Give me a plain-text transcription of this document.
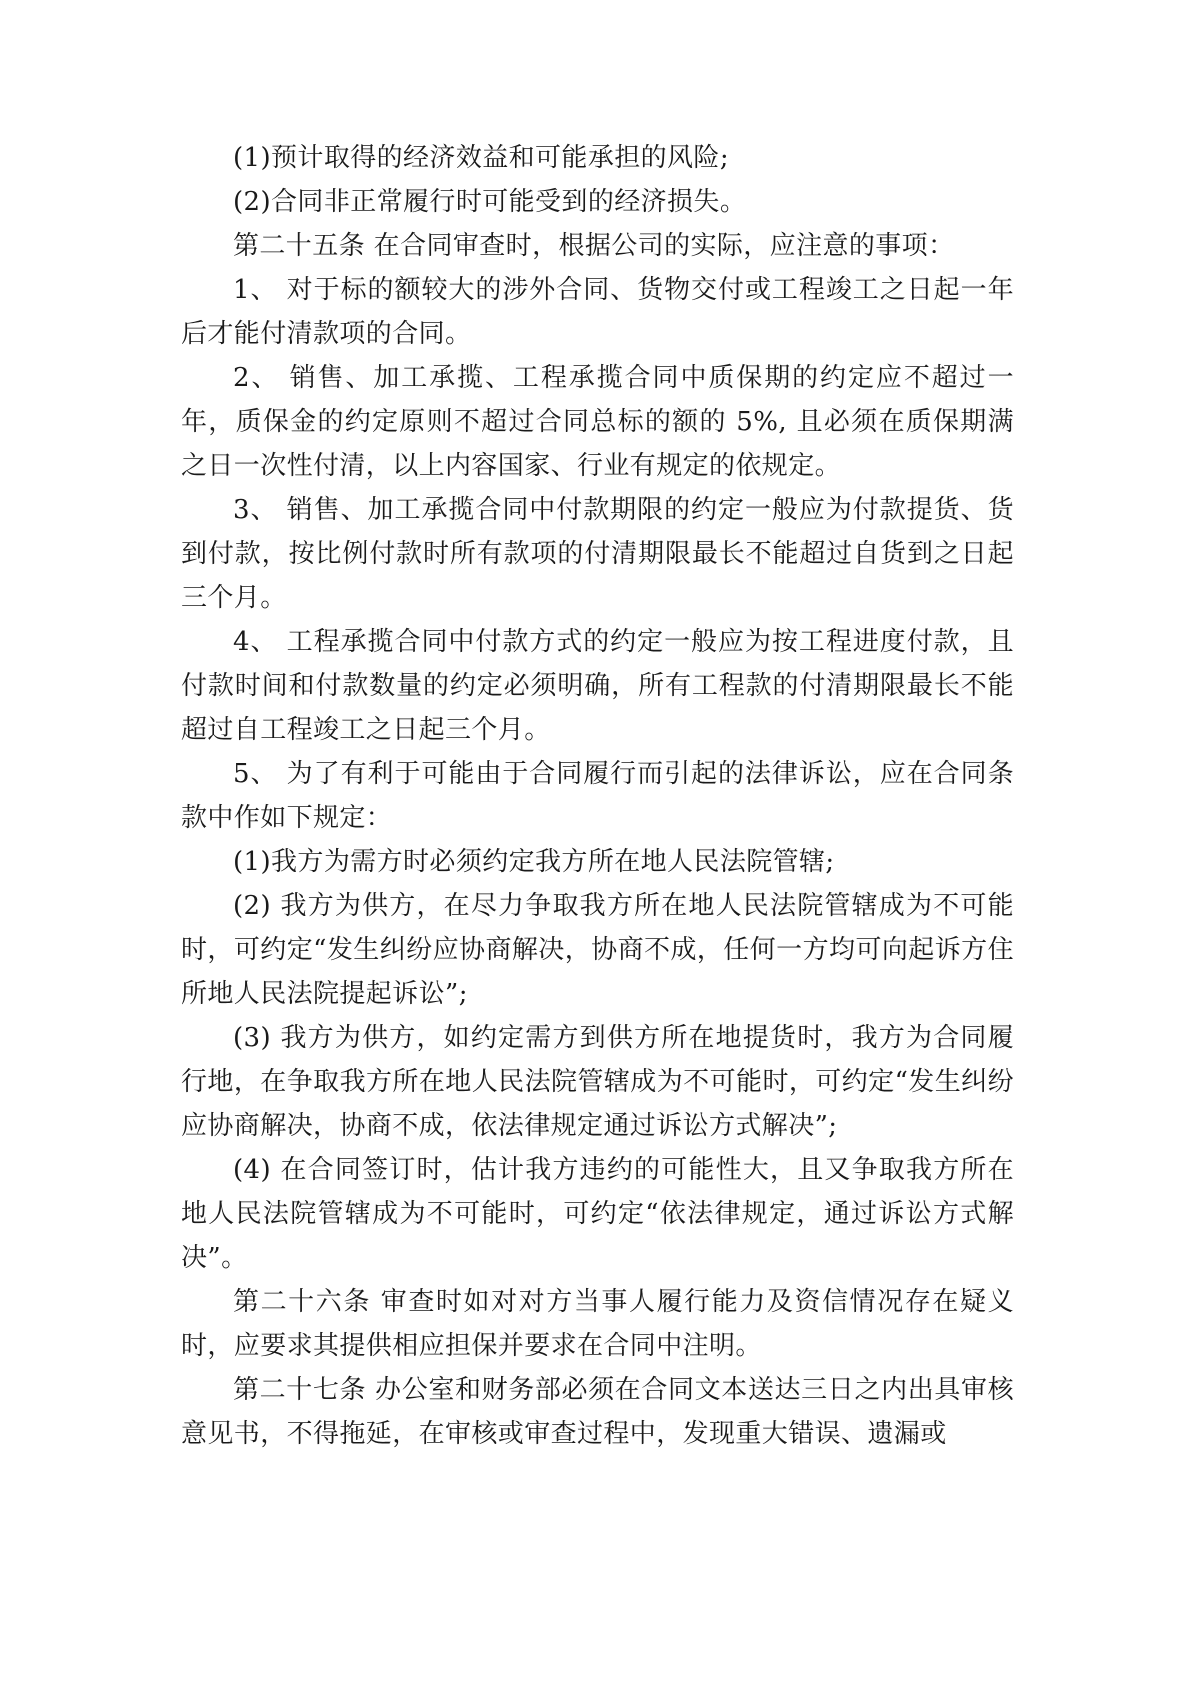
(1)预计取得的经济效益和可能承担的风险;

(2)合同非正常履行时可能受到的经济损失。

第二十五条 在合同审查时，根据公司的实际，应注意的事项：

1、 对于标的额较大的涉外合同、货物交付或工程竣工之日起一年后才能付清款项的合同。

2、 销售、加工承揽、工程承揽合同中质保期的约定应不超过一年，质保金的约定原则不超过合同总标的额的 5%, 且必须在质保期满之日一次性付清，以上内容国家、行业有规定的依规定。

3、 销售、加工承揽合同中付款期限的约定一般应为付款提货、货到付款，按比例付款时所有款项的付清期限最长不能超过自货到之日起三个月。

4、 工程承揽合同中付款方式的约定一般应为按工程进度付款，且付款时间和付款数量的约定必须明确，所有工程款的付清期限最长不能超过自工程竣工之日起三个月。

5、 为了有利于可能由于合同履行而引起的法律诉讼，应在合同条款中作如下规定：

(1)我方为需方时必须约定我方所在地人民法院管辖;

(2) 我方为供方，在尽力争取我方所在地人民法院管辖成为不可能时，可约定“发生纠纷应协商解决，协商不成，任何一方均可向起诉方住所地人民法院提起诉讼”;

(3) 我方为供方，如约定需方到供方所在地提货时，我方为合同履行地，在争取我方所在地人民法院管辖成为不可能时，可约定“发生纠纷应协商解决，协商不成，依法律规定通过诉讼方式解决”;

(4) 在合同签订时，估计我方违约的可能性大，且又争取我方所在地人民法院管辖成为不可能时，可约定“依法律规定，通过诉讼方式解决”。

第二十六条 审查时如对对方当事人履行能力及资信情况存在疑义时，应要求其提供相应担保并要求在合同中注明。

第二十七条 办公室和财务部必须在合同文本送达三日之内出具审核意见书，不得拖延，在审核或审查过程中，发现重大错误、遗漏或
